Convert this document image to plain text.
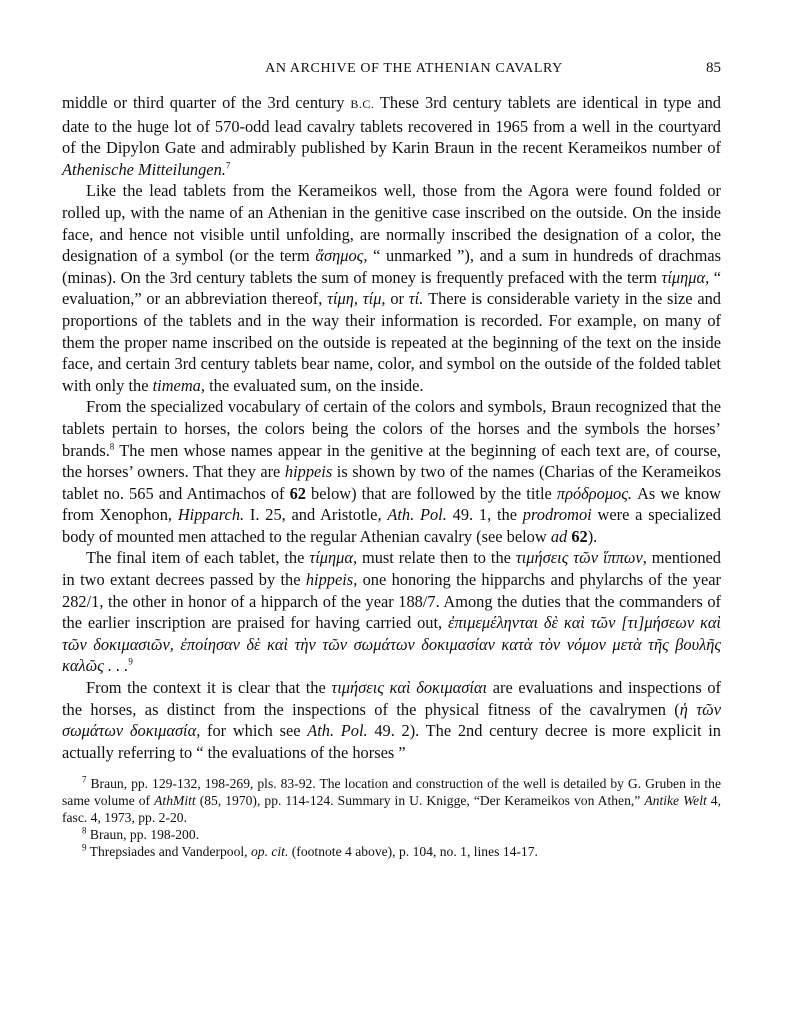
AN ARCHIVE OF THE ATHENIAN CAVALRY	85

middle or third quarter of the 3rd century B.C. These 3rd century tablets are identical in type and date to the huge lot of 570-odd lead cavalry tablets recovered in 1965 from a well in the courtyard of the Dipylon Gate and admirably published by Karin Braun in the recent Kerameikos number of Athenische Mitteilungen.$^7$

Like the lead tablets from the Kerameikos well, those from the Agora were found folded or rolled up, with the name of an Athenian in the genitive case inscribed on the outside. On the inside face, and hence not visible until unfolding, are normally inscribed the designation of a color, the designation of a symbol (or the term ἄσημος, “ unmarked ”), and a sum in hundreds of drachmas (minas). On the 3rd century tablets the sum of money is frequently prefaced with the term τίμημα, “ evaluation,” or an abbreviation thereof, τίμη, τίμ, or τί. There is considerable variety in the size and proportions of the tablets and in the way their information is recorded. For example, on many of them the proper name inscribed on the outside is repeated at the beginning of the text on the inside face, and certain 3rd century tablets bear name, color, and symbol on the outside of the folded tablet with only the timema, the evaluated sum, on the inside.

From the specialized vocabulary of certain of the colors and symbols, Braun recognized that the tablets pertain to horses, the colors being the colors of the horses and the symbols the horses’ brands.$^8$ The men whose names appear in the genitive at the beginning of each text are, of course, the horses’ owners. That they are hippeis is shown by two of the names (Charias of the Kerameikos tablet no. 565 and Antimachos of 62 below) that are followed by the title πρόδρομος. As we know from Xenophon, Hipparch. I. 25, and Aristotle, Ath. Pol. 49. 1, the prodromoi were a specialized body of mounted men attached to the regular Athenian cavalry (see below ad 62).

The final item of each tablet, the τίμημα, must relate then to the τιμήσεις τῶν ἵππων, mentioned in two extant decrees passed by the hippeis, one honoring the hipparchs and phylarchs of the year 282/1, the other in honor of a hipparch of the year 188/7. Among the duties that the commanders of the earlier inscription are praised for having carried out, ἐπιμεμέληνται δὲ καὶ τῶν [τι]μήσεων καὶ τῶν δοκιμασιῶν, ἐποίησαν δὲ καὶ τὴν τῶν σωμάτων δοκιμασίαν κατὰ τὸν νόμον μετὰ τῆς βουλῆς καλῶς . . .$^9$

From the context it is clear that the τιμήσεις καὶ δοκιμασίαι are evaluations and inspections of the horses, as distinct from the inspections of the physical fitness of the cavalrymen (ἡ τῶν σωμάτων δοκιμασία, for which see Ath. Pol. 49. 2). The 2nd century decree is more explicit in actually referring to “ the evaluations of the horses ”

$^7$ Braun, pp. 129-132, 198-269, pls. 83-92. The location and construction of the well is detailed by G. Gruben in the same volume of AthMitt (85, 1970), pp. 114-124. Summary in U. Knigge, “Der Kerameikos von Athen,” Antike Welt 4, fasc. 4, 1973, pp. 2-20.

$^8$ Braun, pp. 198-200.

$^9$ Threpsiades and Vanderpool, op. cit. (footnote 4 above), p. 104, no. 1, lines 14-17.
